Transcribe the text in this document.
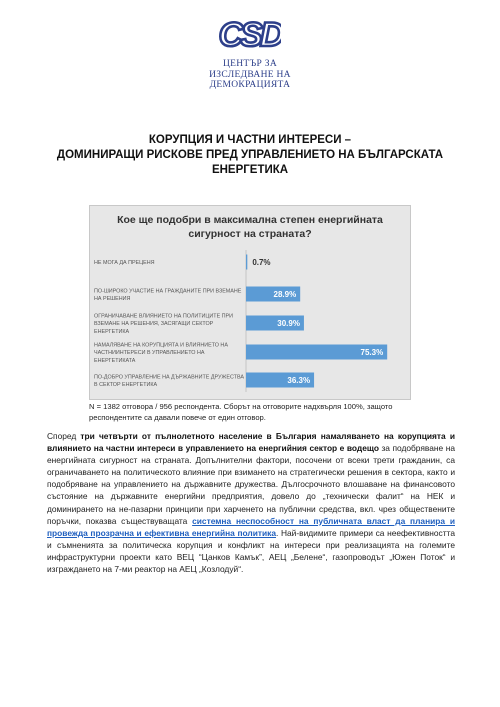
CSD
ЦЕНТЪР ЗА
ИЗСЛЕДВАНЕ НА
ДЕМОКРАЦИЯТА
КОРУПЦИЯ И ЧАСТНИ ИНТЕРЕСИ –
ДОМИНИРАЩИ РИСКОВЕ ПРЕД УПРАВЛЕНИЕТО НА БЪЛГАРСКАТА
ЕНЕРГЕТИКА
Кое ще подобри в максимална степен енергийната
сигурност на страната?
0.7%
НЕ МОГА ДА ПРЕЦЕНЯ
28.9%
ПО-ШИРОКО УЧАСТИЕ НА ГРАЖДАНИТЕ ПРИ ВЗЕМАНЕ
НА РЕШЕНИЯ
30.9%
ОГРАНИЧАВАНЕ ВЛИЯНИЕТО НА ПОЛИТИЦИТЕ ПРИ
ВЗЕМАНЕ НА РЕШЕНИЯ, ЗАСЯГАЩИ СЕКТОР
ЕНЕРГЕТИКА
75.3%
НАМАЛЯВАНЕ НА КОРУПЦИЯТА И ВЛИЯНИЕТО НА
ЧАСТНИИНТЕРЕСИ В УПРАВЛЕНИЕТО НА
ЕНЕРГЕТИКАТА
36.3%
ПО-ДОБРО УПРАВЛЕНИЕ НА ДЪРЖАВНИТЕ ДРУЖЕСТВА
В СЕКТОР ЕНЕРГЕТИКА
N = 1382 отговора / 956 респондента. Сборът на отговорите надхвърля 100%, защото респондентите са давали повече от един отговор.
Според три четвърти от пълнолетното население в България намаляването на корупцията и влиянието на частни интереси в управлението на енергийния сектор е водещо за подобряване на енергийната сигурност на страната. Допълнителни фактори, посочени от всеки трети гражданин, са ограничаването на политическото влияние при взимането на стратегически решения в сектора, както и подобряване на управлението на държавните дружества. Дългосрочното влошаване на финансовото състояние на държавните енергийни предприятия, довело до „технически фалит“ на НЕК и доминирането на не-пазарни принципи при харченето на публични средства, вкл. чрез обществените поръчки, показва съществуващата системна неспособност на публичната власт да планира и провежда прозрачна и ефективна енергийна политика. Най-видимите примери са неефективността и съмненията за политическа корупция и конфликт на интереси при реализацията на големите инфраструктурни проекти като ВЕЦ “Цанков Камък”, АЕЦ „Белене“, газопроводът „Южен Поток“ и изграждането на 7-ми реактор на АЕЦ „Козлодуй“.
